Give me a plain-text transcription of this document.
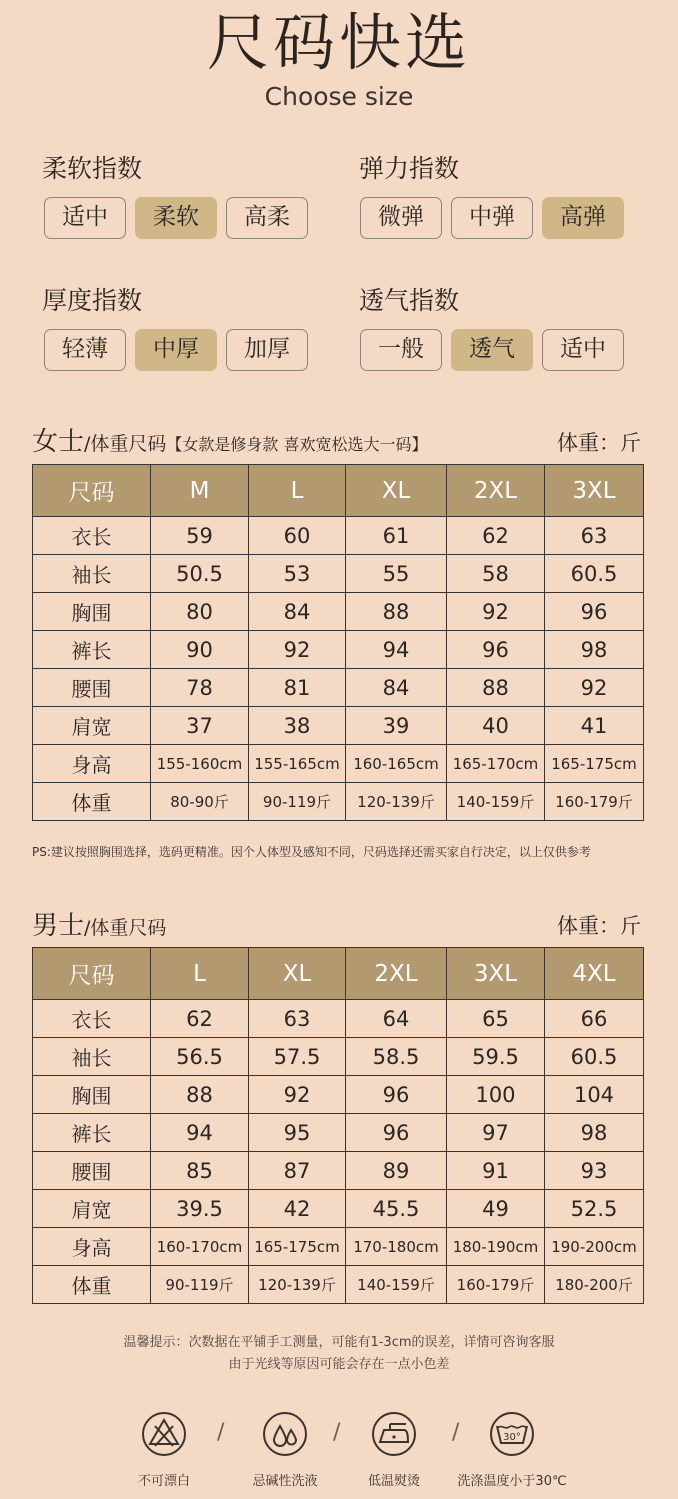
尺码快选
Choose size
柔软指数
适中	柔软	高柔
弹力指数
微弹	中弹	高弹
厚度指数
轻薄	中厚	加厚
透气指数
一般	透气	适中
女士/体重尺码【女款是修身款 喜欢宽松选大一码】	体重：斤
尺码	M	L	XL	2XL	3XL
衣长	59	60	61	62	63
袖长	50.5	53	55	58	60.5
胸围	80	84	88	92	96
裤长	90	92	94	96	98
腰围	78	81	84	88	92
肩宽	37	38	39	40	41
身高	155-160cm	155-165cm	160-165cm	165-170cm	165-175cm
体重	80-90斤	90-119斤	120-139斤	140-159斤	160-179斤
PS:建议按照胸围选择，选码更精准。因个人体型及感知不同，尺码选择还需买家自行决定，以上仅供参考
男士/体重尺码	体重：斤
尺码	L	XL	2XL	3XL	4XL
衣长	62	63	64	65	66
袖长	56.5	57.5	58.5	59.5	60.5
胸围	88	92	96	100	104
裤长	94	95	96	97	98
腰围	85	87	89	91	93
肩宽	39.5	42	45.5	49	52.5
身高	160-170cm	165-175cm	170-180cm	180-190cm	190-200cm
体重	90-119斤	120-139斤	140-159斤	160-179斤	180-200斤
温馨提示：次数据在平铺手工测量，可能有1-3cm的误差，详情可咨询客服
由于光线等原因可能会存在一点小色差
/	/	/	30°
不可漂白	忌碱性洗液	低温熨烫	洗涤温度小于30℃
